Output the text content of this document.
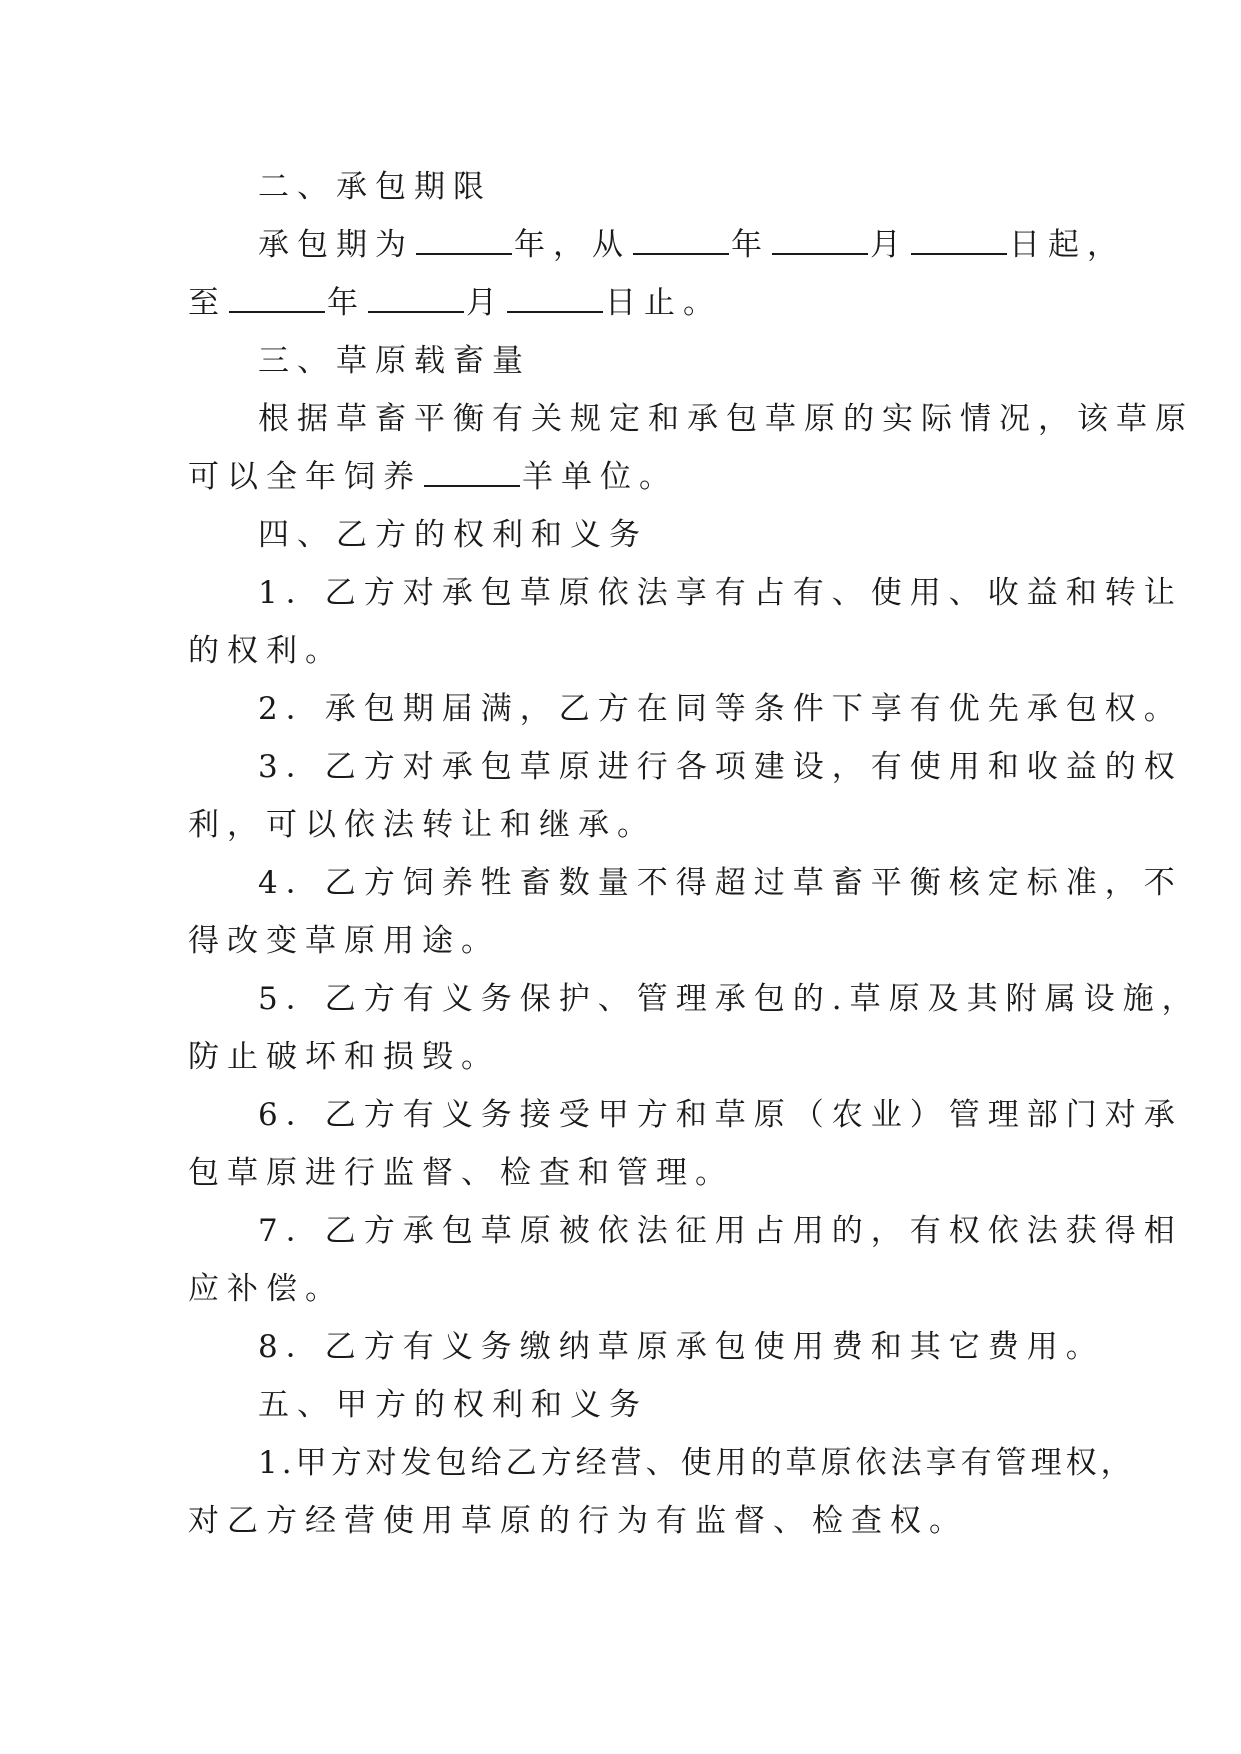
二、承包期限

承包期为	年，从	年	月	日起，

至	年	月	日止。

三、草原载畜量

根据草畜平衡有关规定和承包草原的实际情况，该草原

可以全年饲养	羊单位。

四、乙方的权利和义务

1．乙方对承包草原依法享有占有、使用、收益和转让

的权利。

2．承包期届满，乙方在同等条件下享有优先承包权。

3．乙方对承包草原进行各项建设，有使用和收益的权

利，可以依法转让和继承。

4．乙方饲养牲畜数量不得超过草畜平衡核定标准，不

得改变草原用途。

5．乙方有义务保护、管理承包的.草原及其附属设施，

防止破坏和损毁。

6．乙方有义务接受甲方和草原（农业）管理部门对承

包草原进行监督、检查和管理。

7．乙方承包草原被依法征用占用的，有权依法获得相

应补偿。

8．乙方有义务缴纳草原承包使用费和其它费用。

五、甲方的权利和义务

1.甲方对发包给乙方经营、使用的草原依法享有管理权，

对乙方经营使用草原的行为有监督、检查权。
